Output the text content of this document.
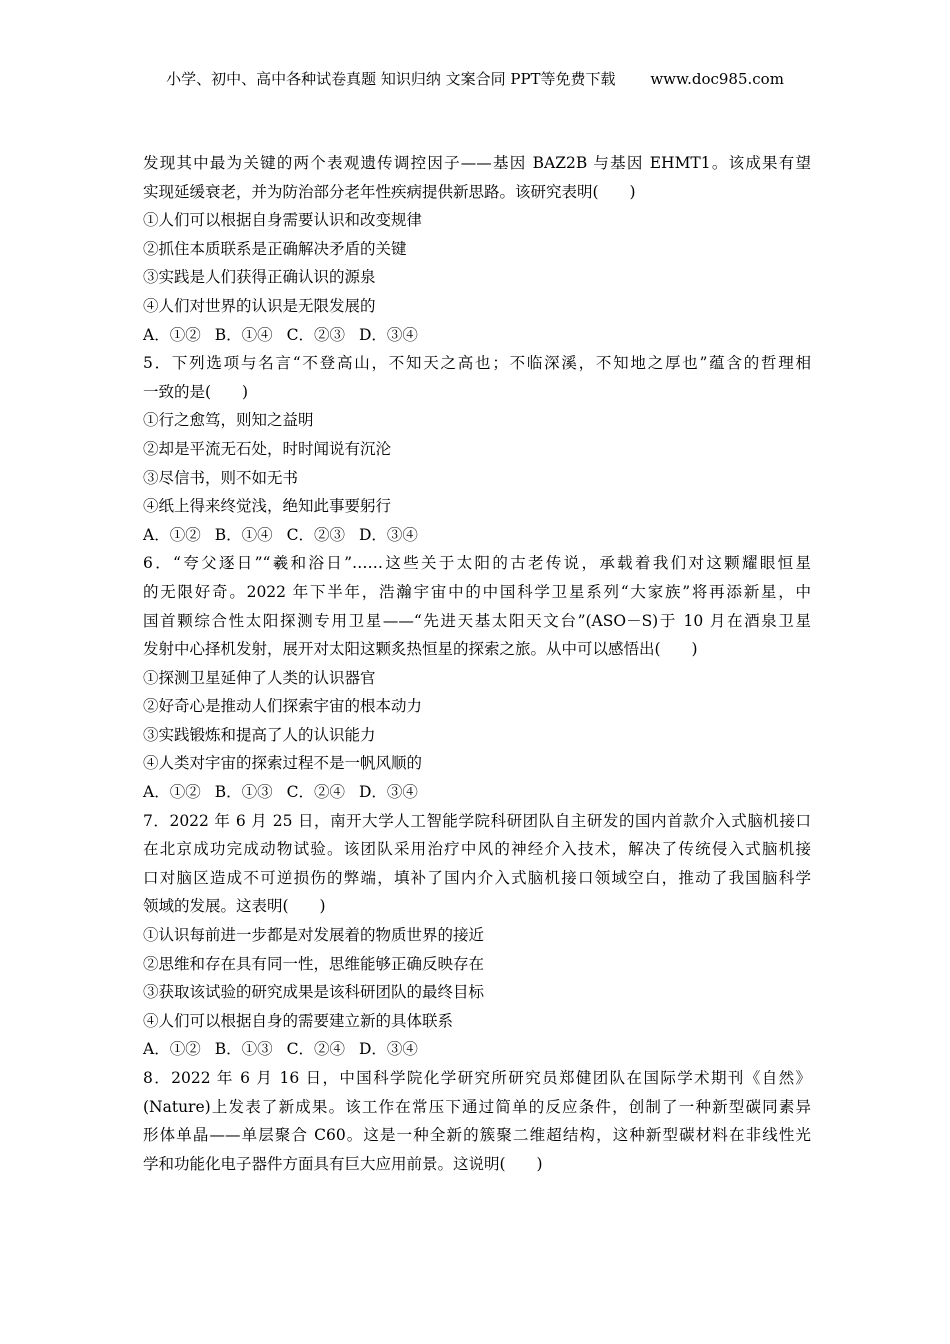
小学、初中、高中各种试卷真题 知识归纳 文案合同 PPT等免费下载 www.doc985.com
发现其中最为关键的两个表观遗传调控因子——基因 BAZ2B 与基因 EHMT1。该成果有望
实现延缓衰老，并为防治部分老年性疾病提供新思路。该研究表明(　　)
①人们可以根据自身需要认识和改变规律
②抓住本质联系是正确解决矛盾的关键
③实践是人们获得正确认识的源泉
④人们对世界的认识是无限发展的
A．①② B．①④ C．②③ D．③④
5．下列选项与名言“不登高山，不知天之高也；不临深溪，不知地之厚也”蕴含的哲理相
一致的是(　　)
①行之愈笃，则知之益明
②却是平流无石处，时时闻说有沉沦
③尽信书，则不如无书
④纸上得来终觉浅，绝知此事要躬行
A．①② B．①④ C．②③ D．③④
6．“夸父逐日”“羲和浴日”……这些关于太阳的古老传说，承载着我们对这颗耀眼恒星
的无限好奇。2022 年下半年，浩瀚宇宙中的中国科学卫星系列“大家族”将再添新星，中
国首颗综合性太阳探测专用卫星——“先进天基太阳天文台”(ASO－S)于 10 月在酒泉卫星
发射中心择机发射，展开对太阳这颗炙热恒星的探索之旅。从中可以感悟出(　　)
①探测卫星延伸了人类的认识器官
②好奇心是推动人们探索宇宙的根本动力
③实践锻炼和提高了人的认识能力
④人类对宇宙的探索过程不是一帆风顺的
A．①② B．①③ C．②④ D．③④
7．2022 年 6 月 25 日，南开大学人工智能学院科研团队自主研发的国内首款介入式脑机接口
在北京成功完成动物试验。该团队采用治疗中风的神经介入技术，解决了传统侵入式脑机接
口对脑区造成不可逆损伤的弊端，填补了国内介入式脑机接口领域空白，推动了我国脑科学
领域的发展。这表明(　　)
①认识每前进一步都是对发展着的物质世界的接近
②思维和存在具有同一性，思维能够正确反映存在
③获取该试验的研究成果是该科研团队的最终目标
④人们可以根据自身的需要建立新的具体联系
A．①② B．①③ C．②④ D．③④
8．2022 年 6 月 16 日，中国科学院化学研究所研究员郑健团队在国际学术期刊《自然》
(Nature)上发表了新成果。该工作在常压下通过简单的反应条件，创制了一种新型碳同素异
形体单晶——单层聚合 C60。这是一种全新的簇聚二维超结构，这种新型碳材料在非线性光
学和功能化电子器件方面具有巨大应用前景。这说明(　　)
